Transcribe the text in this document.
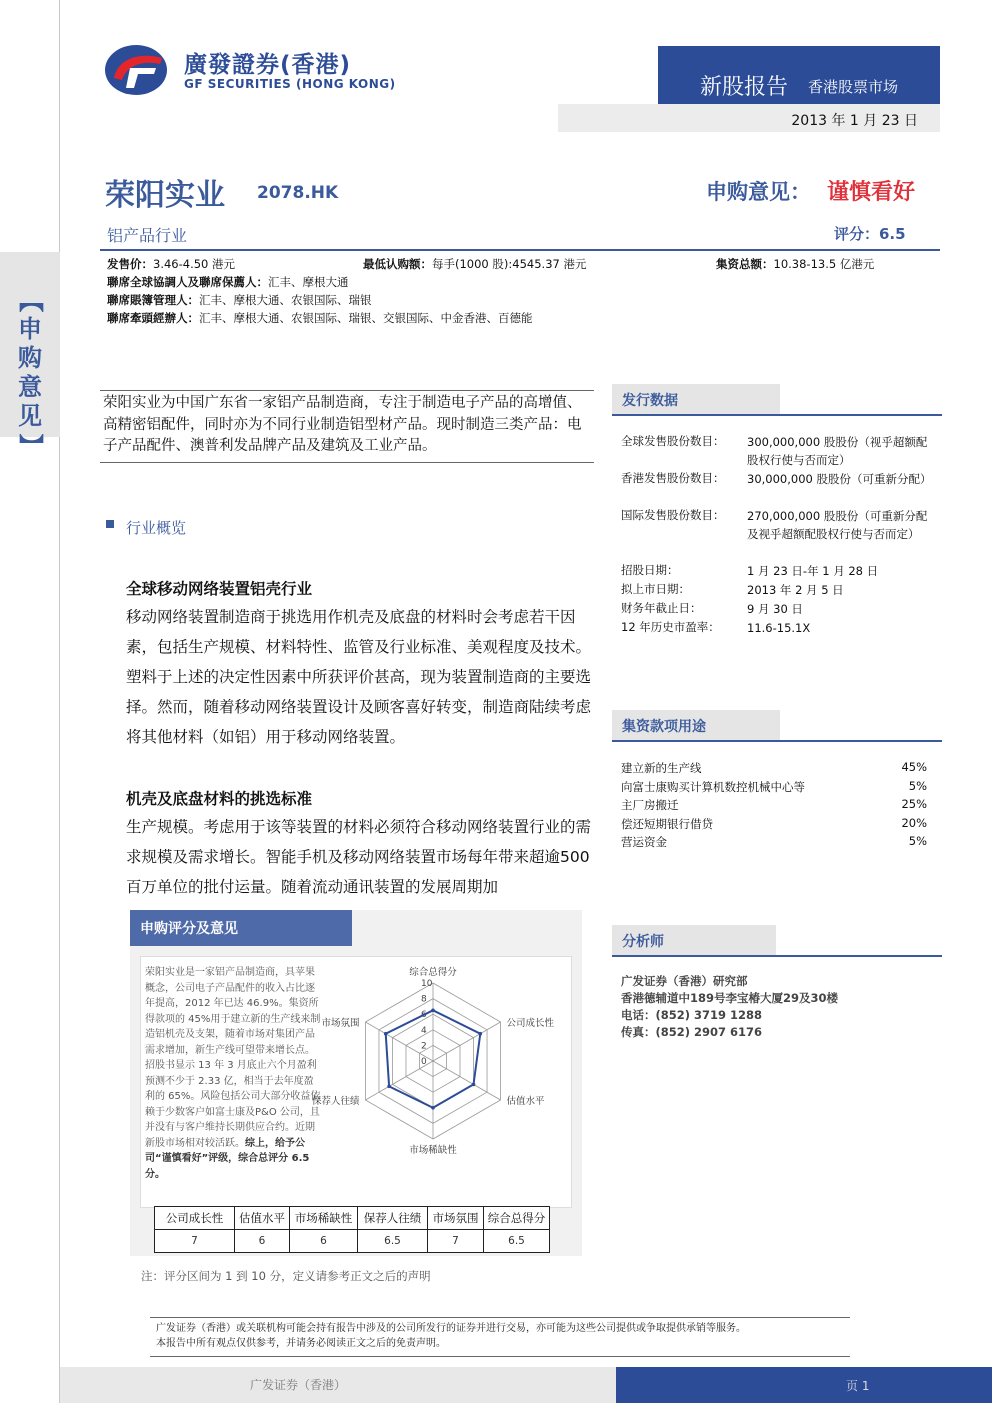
【
申
购
意
见
】
廣發證券(香港)
GF SECURITIES (HONG KONG)	新股报告 香港股票市场
2013 年 1 月 23 日
荣阳实业 2078.HK	申购意见： 谨慎看好
铝产品行业	评分：6.5
发售价：3.46-4.50 港元	最低认购额：每手(1000 股):4545.37 港元	集资总额：10.38-13.5 亿港元
聯席全球協調人及聯席保薦人：汇丰、摩根大通
聯席賬簿管理人：汇丰、摩根大通、农银国际、瑞银
聯席牽頭經辦人：汇丰、摩根大通、农银国际、瑞银、交银国际、中金香港、百德能
荣阳实业为中国广东省一家铝产品制造商，专注于制造电子产品的高增值、高精密铝配件，同时亦为不同行业制造铝型材产品。现时制造三类产品：电子产品配件、澳普利发品牌产品及建筑及工业产品。
行业概览
全球移动网络装置铝壳行业
移动网络装置制造商于挑选用作机壳及底盘的材料时会考虑若干因素，包括生产规模、材料特性、监管及行业标准、美观程度及技术。塑料于上述的决定性因素中所获评价甚高，现为装置制造商的主要选择。然而，随着移动网络装置设计及顾客喜好转变，制造商陆续考虑将其他材料（如铝）用于移动网络装置。
机壳及底盘材料的挑选标准
生产规模。考虑用于该等装置的材料必须符合移动网络装置行业的需求规模及需求增长。智能手机及移动网络装置市场每年带来超逾500百万单位的批付运量。随着流动通讯装置的发展周期加
申购评分及意见
荣阳实业是一家铝产品制造商，具苹果概念，公司电子产品配件的收入占比逐年提高，2012 年已达 46.9%。集资所得款项的 45%用于建立新的生产线来制造铝机壳及支架，随着市场对集团产品需求增加，新生产线可望带来增长点。招股书显示 13 年 3 月底止六个月盈利预测不少于 2.33 亿，相当于去年度盈利的 65%。风险包括公司大部分收益依赖于少数客户如富士康及P&O 公司，且并没有与客户维持长期供应合约。近期新股市场相对较活跃。综上，给予公司“谨慎看好”评级，综合总评分 6.5 分。
10
8
6
4
2
0
综合总得分
公司成长性
估值水平
市场稀缺性
保荐人往绩
市场氛围
公司成长性	估值水平	市场稀缺性	保荐人往绩	市场氛围	综合总得分
7	6	6	6.5	7	6.5
注：评分区间为 1 到 10 分，定义请参考正文之后的声明
发行数据
全球发售股份数目： 300,000,000 股股份（视乎超额配股权行使与否而定）
香港发售股份数目： 30,000,000 股股份（可重新分配）
国际发售股份数目： 270,000,000 股股份（可重新分配及视乎超额配股权行使与否而定）
招股日期：	1 月 23 日-年 1 月 28 日
拟上市日期：	2013 年 2 月 5 日
财务年截止日：	9 月 30 日
12 年历史市盈率： 11.6-15.1X
集资款项用途
建立新的生产线	45%
向富士康购买计算机数控机械中心等	5%
主厂房搬迁	25%
偿还短期银行借贷	20%
营运资金	5%
分析师
广发证券（香港）研究部
香港德辅道中189号李宝椿大厦29及30楼
电话：(852) 3719 1288
传真：(852) 2907 6176
广发证券（香港）或关联机构可能会持有报告中涉及的公司所发行的证券并进行交易，亦可能为这些公司提供或争取提供承销等服务。
本报告中所有观点仅供参考，并请务必阅读正文之后的免责声明。
广发证券（香港）	页 1
